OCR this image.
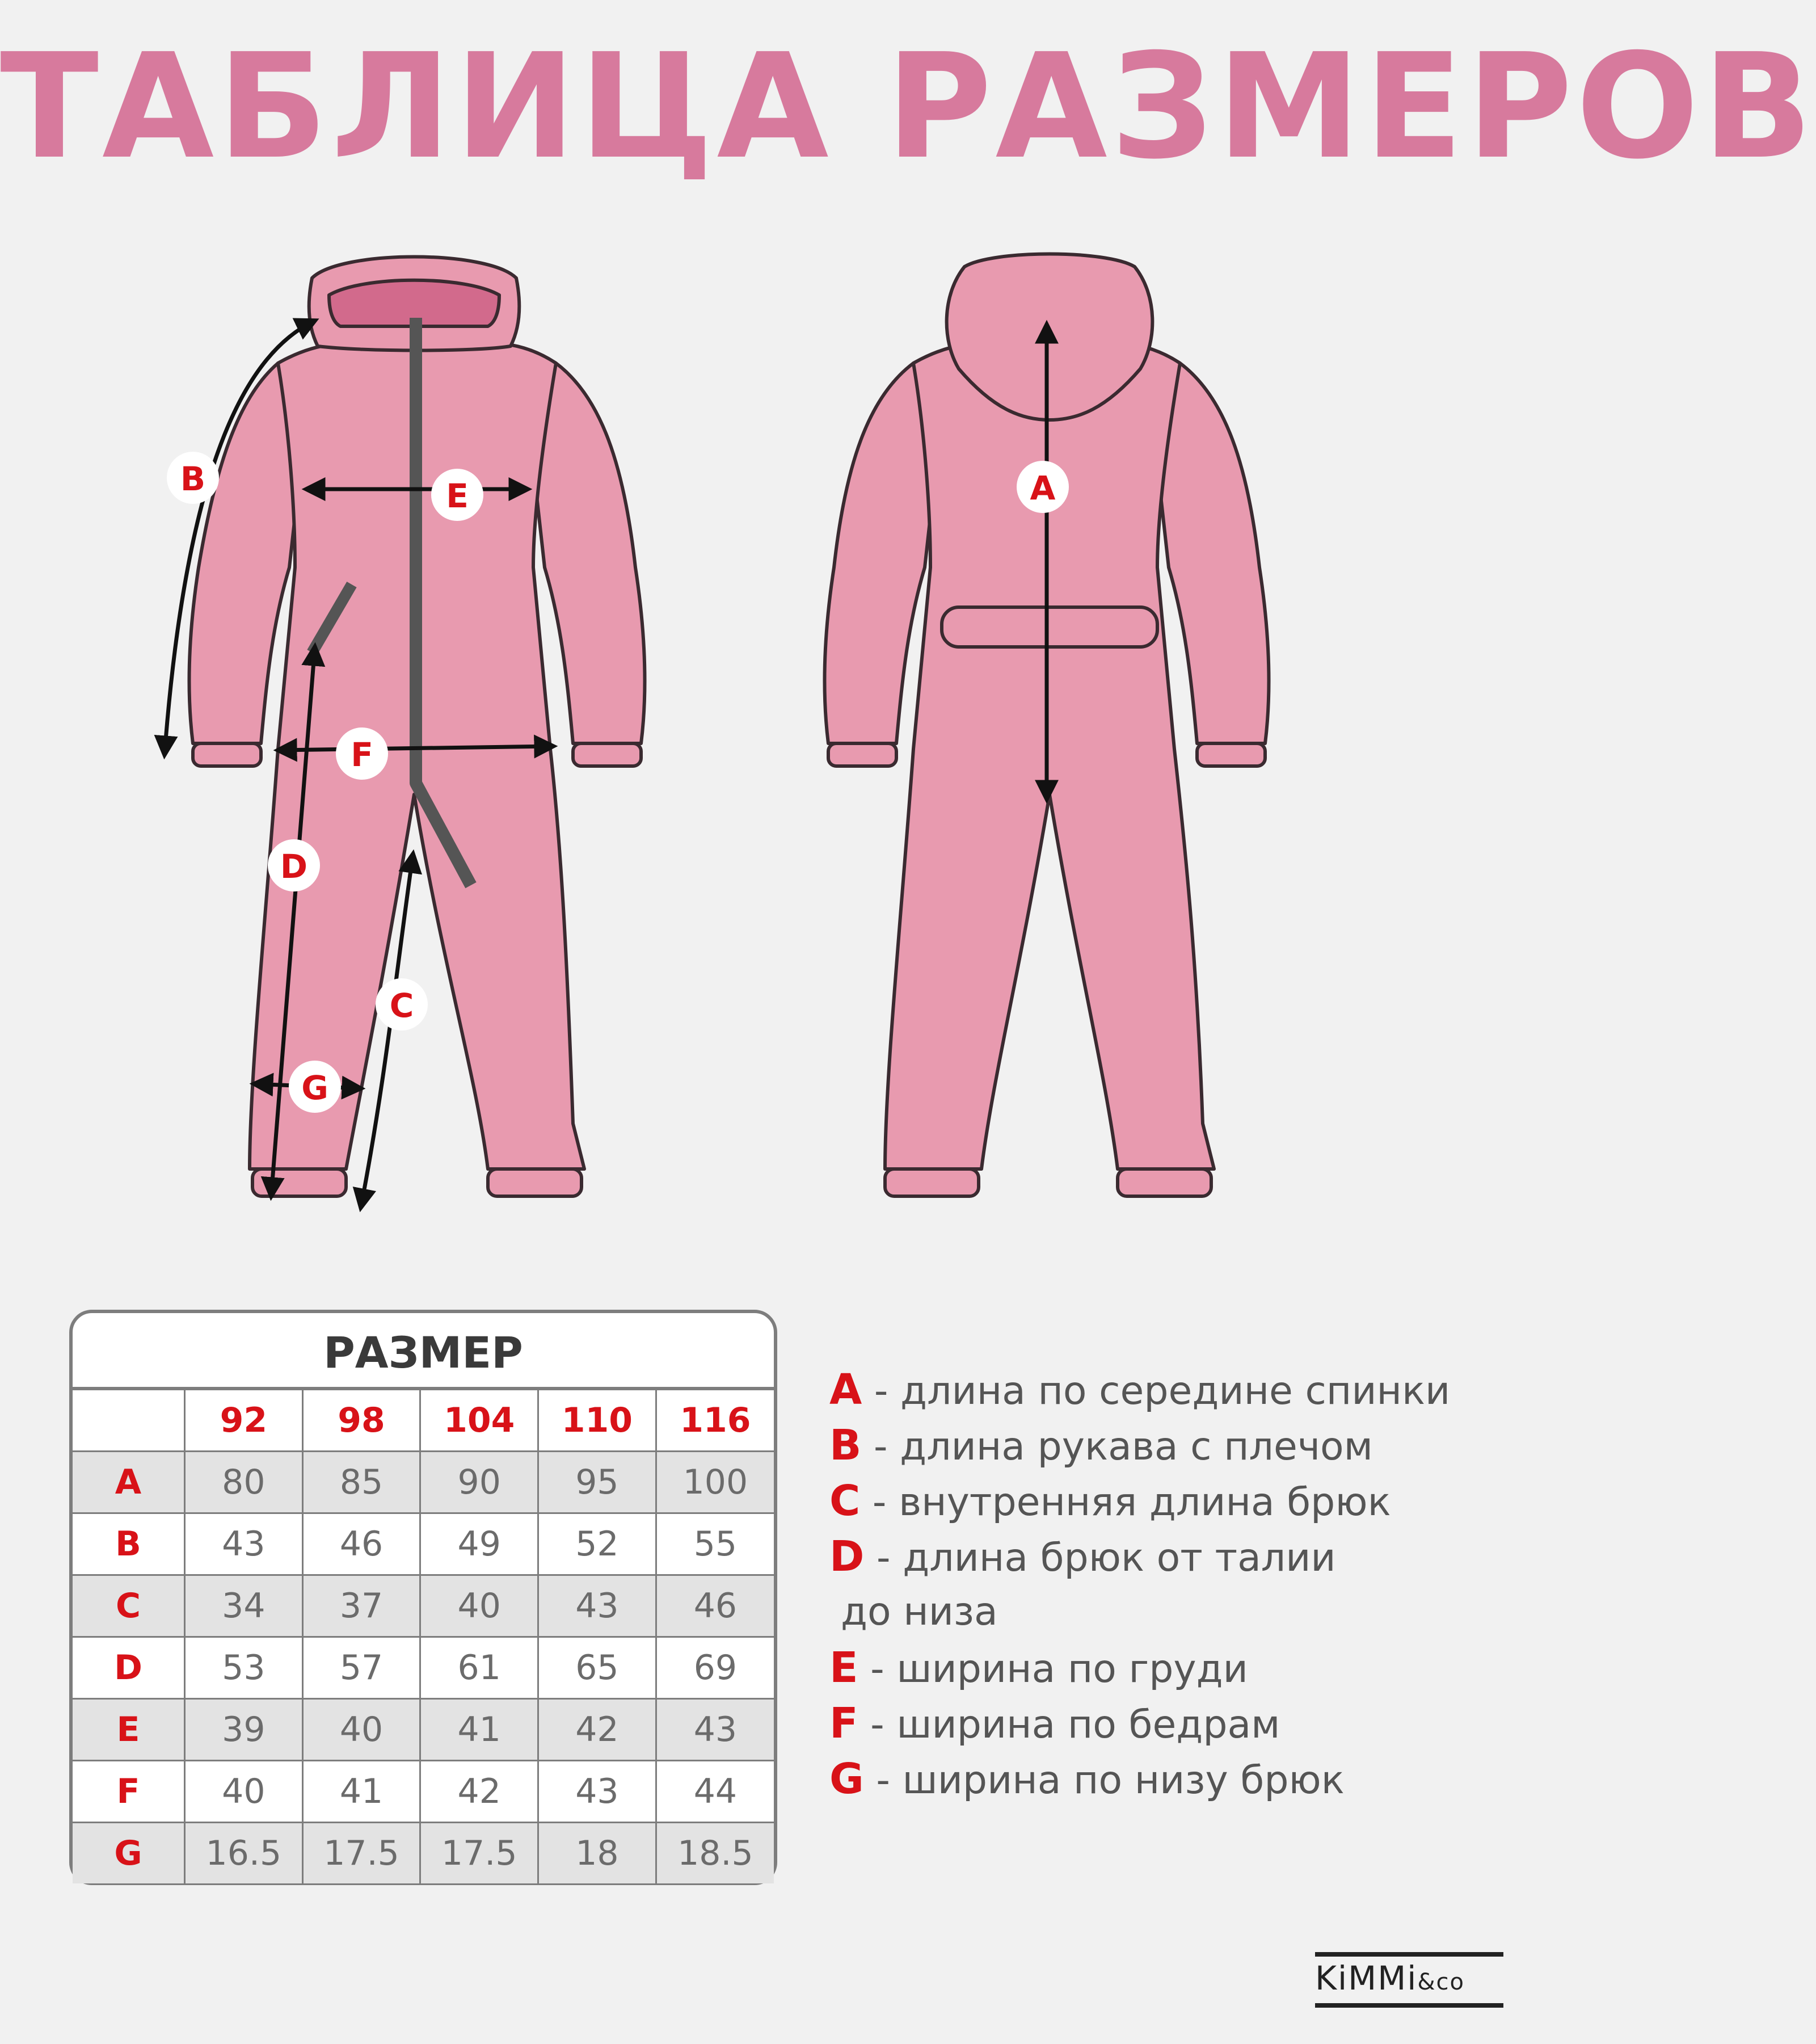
ТАБЛИЦА РАЗМЕРОВ
B	E
F
D
C
G
A
РАЗМЕР
	92	98	104	110	116
A	80	85	90	95	100
B	43	46	49	52	55
C	34	37	40	43	46
D	53	57	61	65	69
E	39	40	41	42	43
F	40	41	42	43	44
G	16.5	17.5	17.5	18	18.5
A - длина по середине спинки
B - длина рукава с плечом
C - внутренняя длина брюк
D - длина брюк от талии
до низа
E - ширина по груди
F - ширина по бедрам
G - ширина по низу брюк
KiMMi&co
